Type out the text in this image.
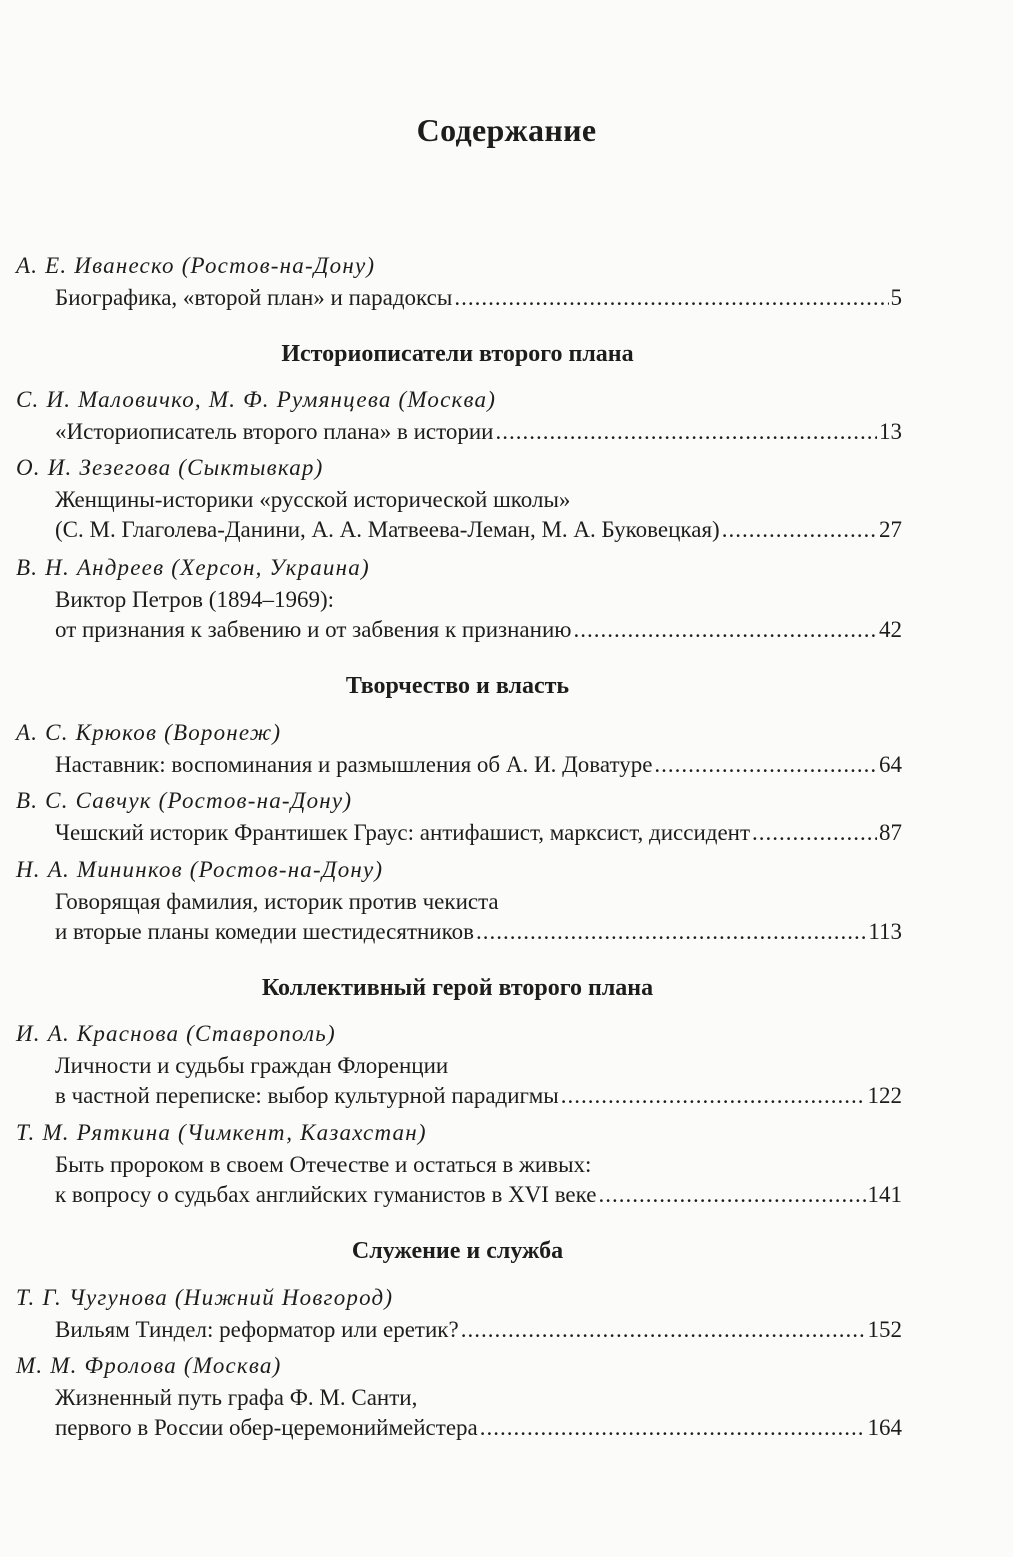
Содержание
А. Е. Иванеско (Ростов-на-Дону)
Биографика, «второй план» и парадоксы .....	5
Историописатели второго плана
С. И. Маловичко, М. Ф. Румянцева (Москва)
«Историописатель второго плана» в истории .....	13
О. И. Зезегова (Сыктывкар)
Женщины-историки «русской исторической школы»
(С. М. Глаголева-Данини, А. А. Матвеева-Леман, М. А. Буковецкая) .....	27
В. Н. Андреев (Херсон, Украина)
Виктор Петров (1894–1969):
от признания к забвению и от забвения к признанию .....	42
Творчество и власть
А. С. Крюков (Воронеж)
Наставник: воспоминания и размышления об А. И. Доватуре .....	64
В. С. Савчук (Ростов-на-Дону)
Чешский историк Франтишек Граус: антифашист, марксист, диссидент .....	87
Н. А. Мининков (Ростов-на-Дону)
Говорящая фамилия, историк против чекиста
и вторые планы комедии шестидесятников .....	113
Коллективный герой второго плана
И. А. Краснова (Ставрополь)
Личности и судьбы граждан Флоренции
в частной переписке: выбор культурной парадигмы .....	122
Т. М. Ряткина (Чимкент, Казахстан)
Быть пророком в своем Отечестве и остаться в живых:
к вопросу о судьбах английских гуманистов в XVI веке .....	141
Служение и служба
Т. Г. Чугунова (Нижний Новгород)
Вильям Тиндел: реформатор или еретик? .....	152
М. М. Фролова (Москва)
Жизненный путь графа Ф. М. Санти,
первого в России обер-церемониймейстера .....	164
